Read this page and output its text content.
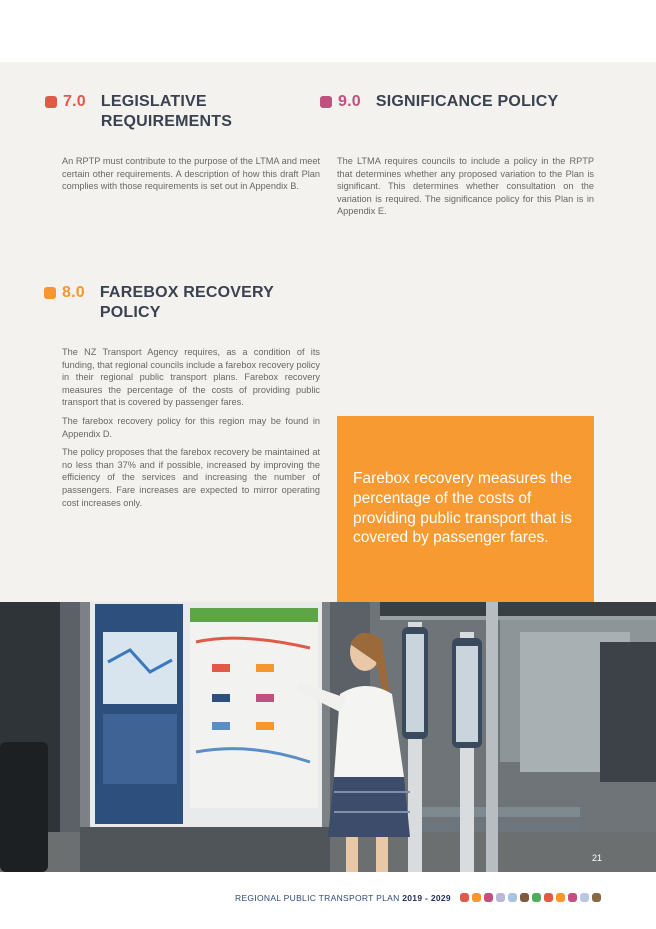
7.0 LEGISLATIVE REQUIREMENTS

An RPTP must contribute to the purpose of the LTMA and meet certain other requirements. A description of how this draft Plan complies with those requirements is set out in Appendix B.

9.0 SIGNIFICANCE POLICY

The LTMA requires councils to include a policy in the RPTP that determines whether any proposed variation to the Plan is significant. This determines whether consultation on the variation is required. The significance policy for this Plan is in Appendix E.

8.0 FAREBOX RECOVERY POLICY

The NZ Transport Agency requires, as a condition of its funding, that regional councils include a farebox recovery policy in their regional public transport plans. Farebox recovery measures the percentage of the costs of providing public transport that is covered by passenger fares.

The farebox recovery policy for this region may be found in Appendix D.

The policy proposes that the farebox recovery be maintained at no less than 37% and if possible, increased by improving the efficiency of the services and increasing the number of passengers. Fare increases are expected to mirror operating cost increases only.

Farebox recovery measures the percentage of the costs of providing public transport that is covered by passenger fares.
21
REGIONAL PUBLIC TRANSPORT PLAN 2019 - 2029
